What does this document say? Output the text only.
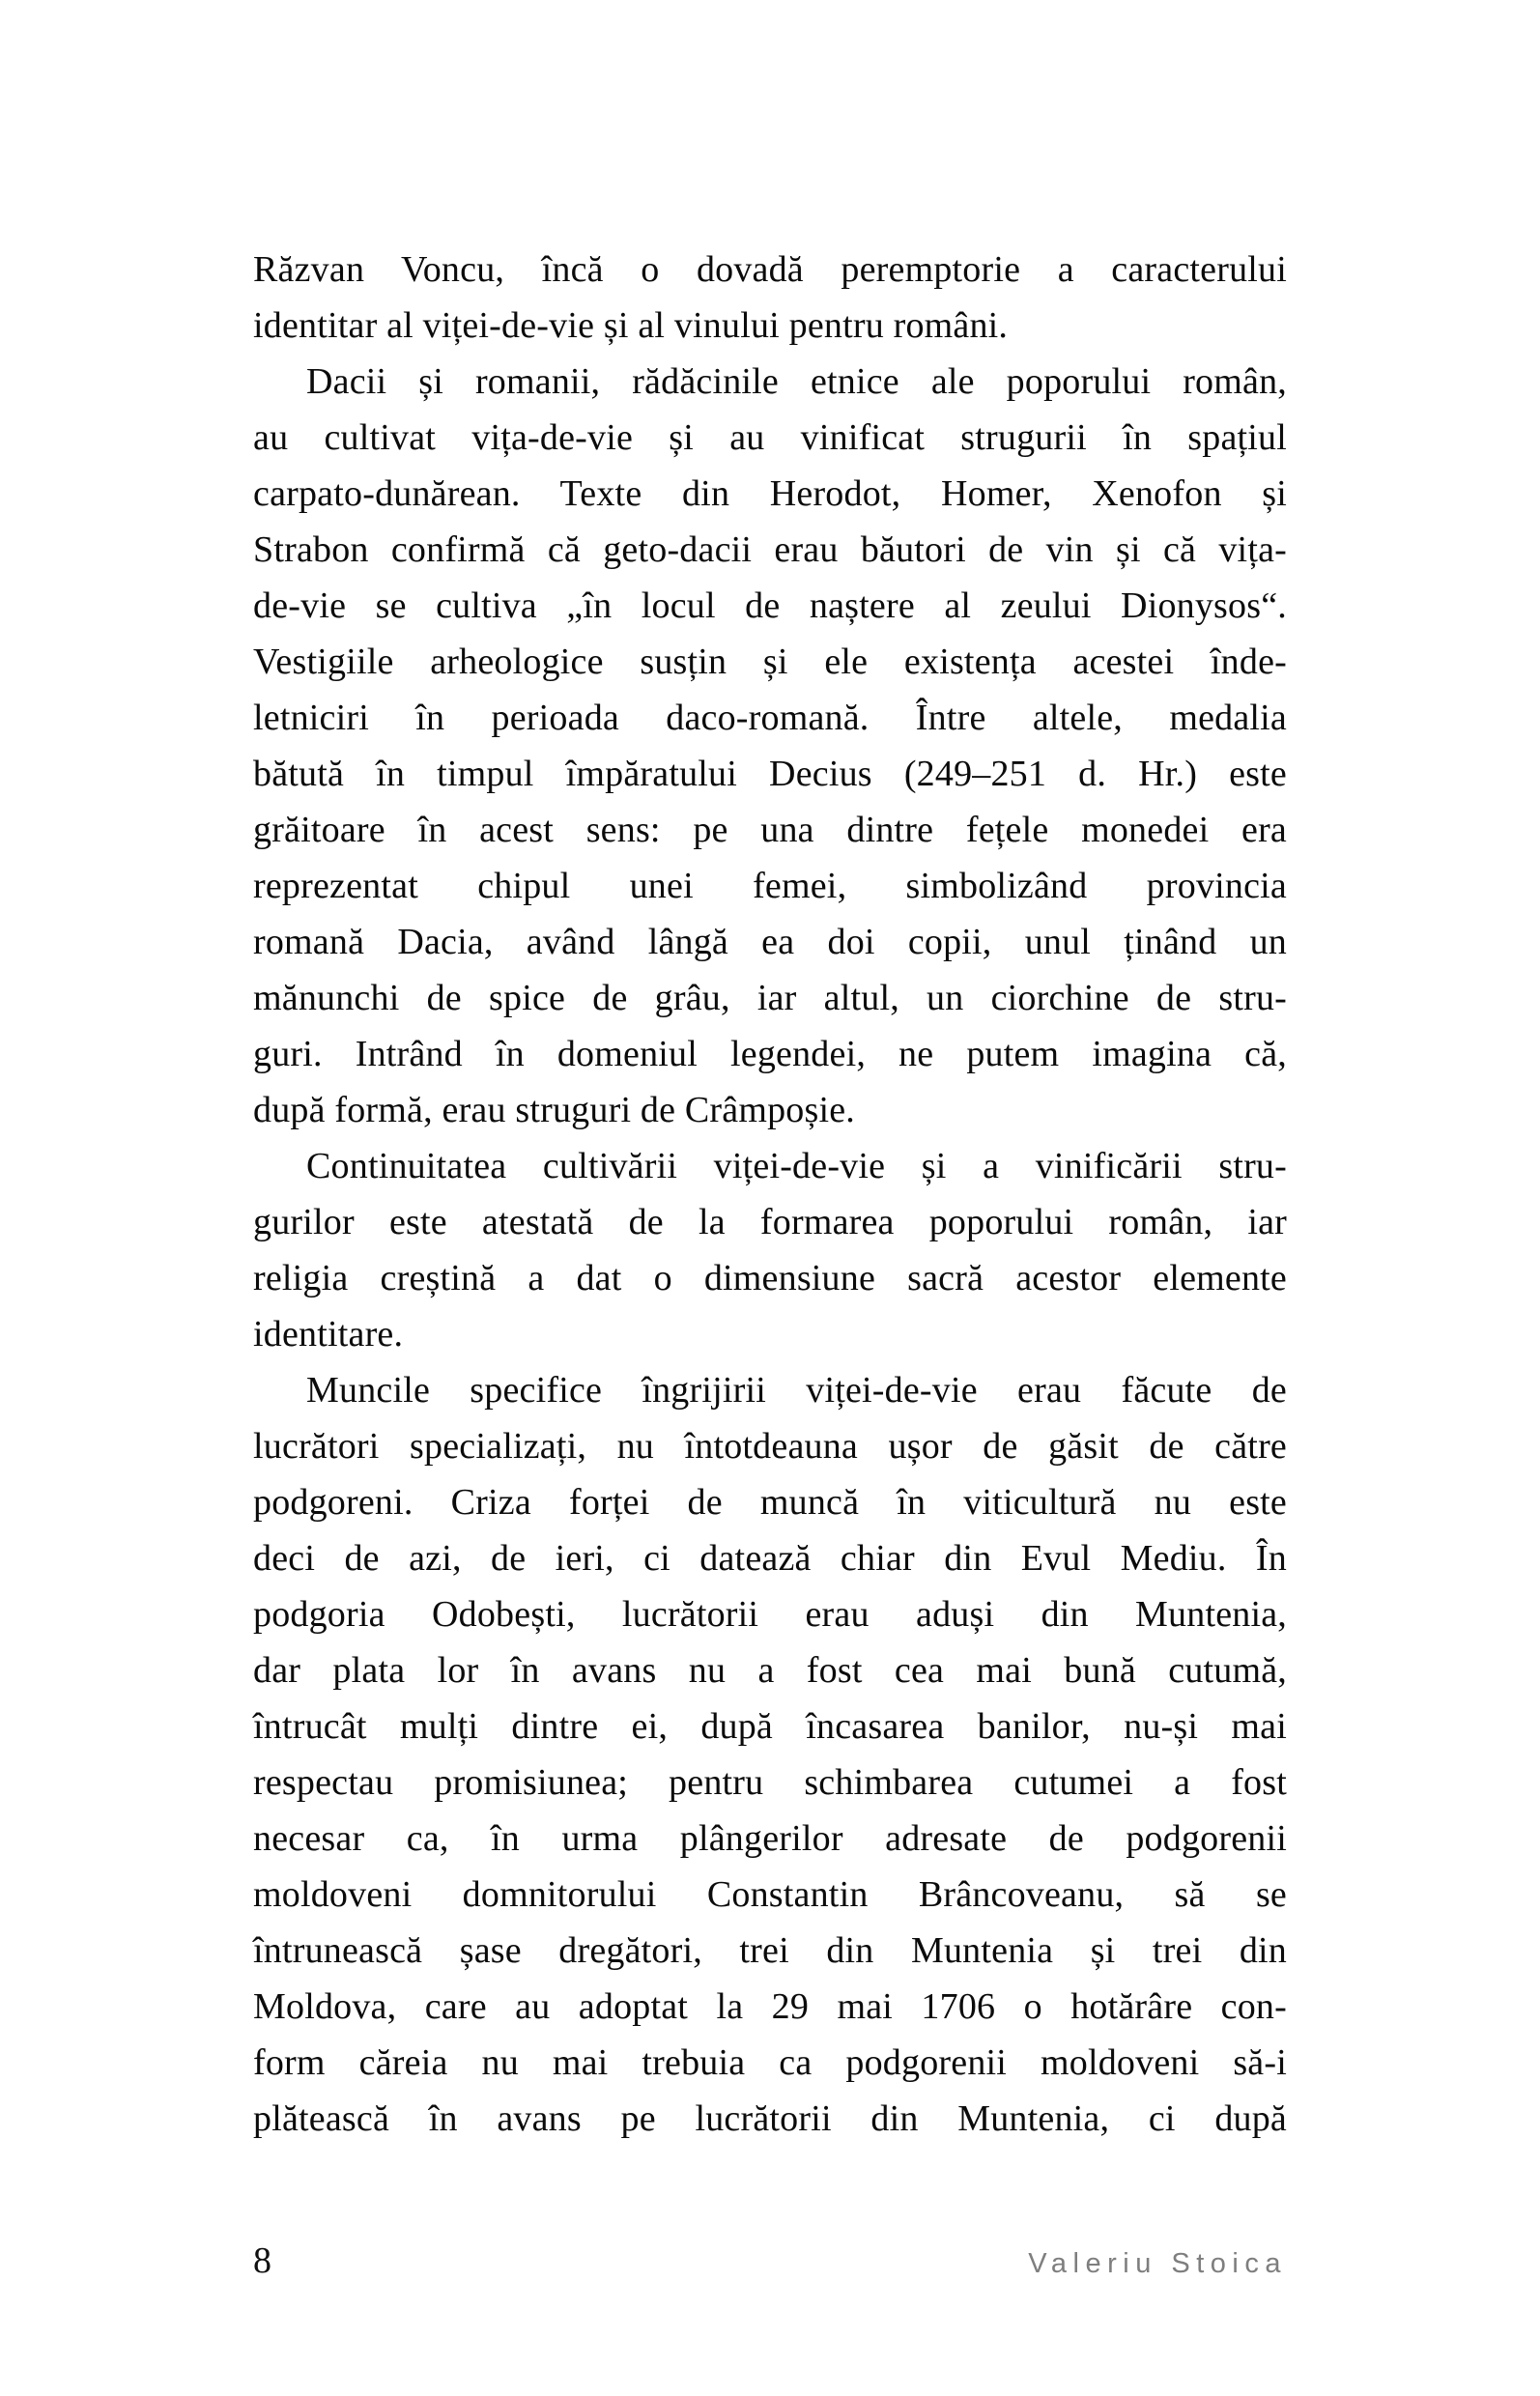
Răzvan Voncu, încă o dovadă peremptorie a caracterului
identitar al viței-de-vie și al vinului pentru români.
Dacii și romanii, rădăcinile etnice ale poporului român,
au cultivat vița-de-vie și au vinificat strugurii în spațiul
carpato-dunărean. Texte din Herodot, Homer, Xenofon și
Strabon confirmă că geto-dacii erau băutori de vin și că vița-
de-vie se cultiva „în locul de naștere al zeului Dionysos“.
Vestigiile arheologice susțin și ele existența acestei înde-
letniciri în perioada daco-romană. Între altele, medalia
bătută în timpul împăratului Decius (249–251 d. Hr.) este
grăitoare în acest sens: pe una dintre fețele monedei era
reprezentat chipul unei femei, simbolizând provincia
romană Dacia, având lângă ea doi copii, unul ținând un
mănunchi de spice de grâu, iar altul, un ciorchine de stru-
guri. Intrând în domeniul legendei, ne putem imagina că,
după formă, erau struguri de Crâmpoșie.
Continuitatea cultivării viței-de-vie și a vinificării stru-
gurilor este atestată de la formarea poporului român, iar
religia creștină a dat o dimensiune sacră acestor elemente
identitare.
Muncile specifice îngrijirii viței-de-vie erau făcute de
lucrători specializați, nu întotdeauna ușor de găsit de către
podgoreni. Criza forței de muncă în viticultură nu este
deci de azi, de ieri, ci datează chiar din Evul Mediu. În
podgoria Odobești, lucrătorii erau aduși din Muntenia,
dar plata lor în avans nu a fost cea mai bună cutumă,
întrucât mulți dintre ei, după încasarea banilor, nu-și mai
respectau promisiunea; pentru schimbarea cutumei a fost
necesar ca, în urma plângerilor adresate de podgorenii
moldoveni domnitorului Constantin Brâncoveanu, să se
întrunească șase dregători, trei din Muntenia și trei din
Moldova, care au adoptat la 29 mai 1706 o hotărâre con-
form căreia nu mai trebuia ca podgorenii moldoveni să-i
plătească în avans pe lucrătorii din Muntenia, ci după
8	Valeriu Stoica
